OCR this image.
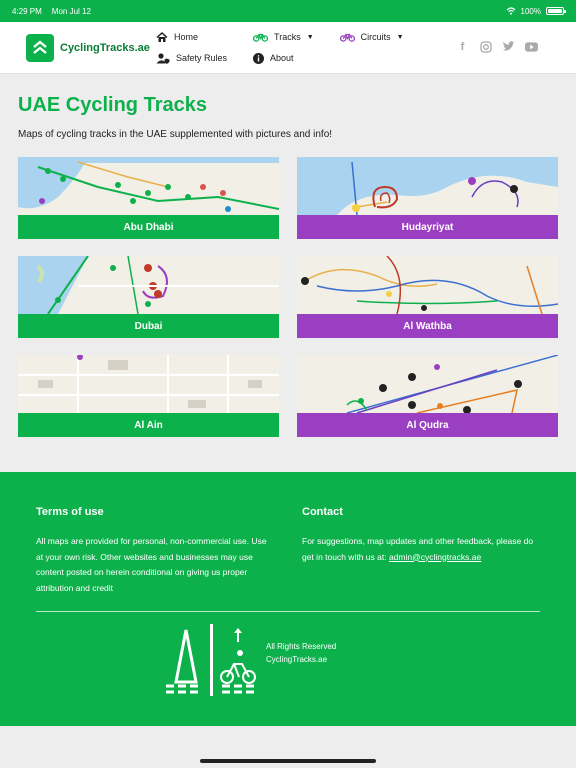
4:29 PM Mon Jul 12	100%
CyclingTracks.ae
Home	Tracks ▼	Circuits ▼
Safety Rules	About
f
UAE Cycling Tracks

Maps of cycling tracks in the UAE supplemented with pictures and info!

Abu Dhabi	Hudayriyat
Dubai	Al Wathba
Al Ain	Al Qudra
Terms of use

All maps are provided for personal, non-commercial use. Use at your own risk. Other websites and businesses may use content posted on herein conditional on giving us proper attribution and credit

Contact

For suggestions, map updates and other feedback, please do get in touch with us at: admin@cyclingtracks.ae

All Rights Reserved
CyclingTracks.ae
